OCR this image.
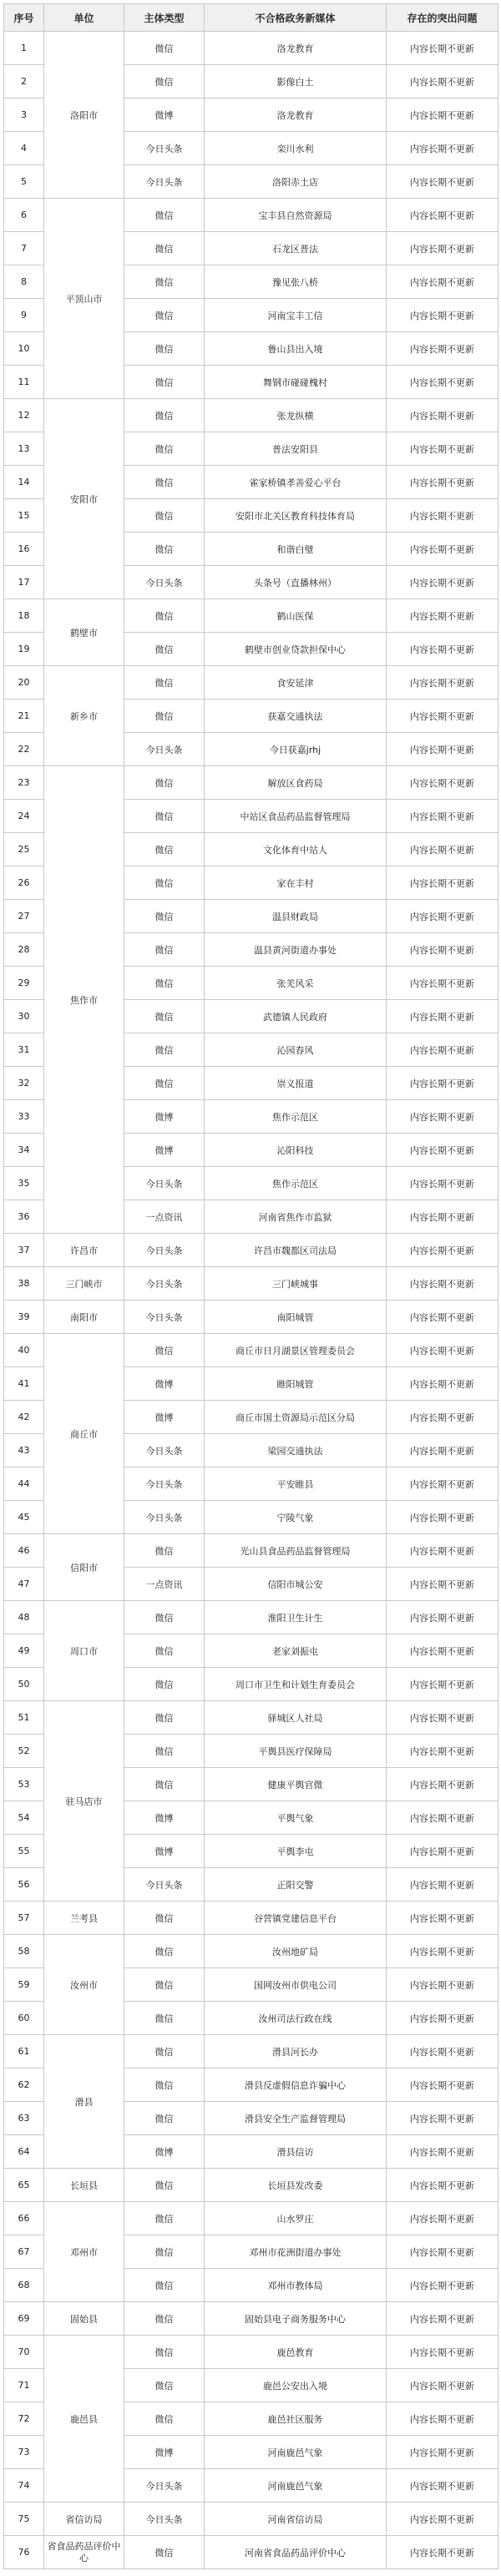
序号	单位	主体类型	不合格政务新媒体	存在的突出问题
1	洛阳市	微信	洛龙教育	内容长期不更新
2		微信	影像白土	内容长期不更新
3		微博	洛龙教育	内容长期不更新
4		今日头条	栾川水利	内容长期不更新
5		今日头条	洛阳赤土店	内容长期不更新
6	平顶山市	微信	宝丰县自然资源局	内容长期不更新
7		微信	石龙区普法	内容长期不更新
8		微信	豫见张八桥	内容长期不更新
9		微信	河南宝丰工信	内容长期不更新
10		微信	鲁山县出入境	内容长期不更新
11		微信	舞钢市碰碰槐村	内容长期不更新
12	安阳市	微信	张龙纵横	内容长期不更新
13		微信	普法安阳县	内容长期不更新
14		微信	雀家桥镇孝善爱心平台	内容长期不更新
15		微信	安阳市北关区教育科技体育局	内容长期不更新
16		微信	和谐白璧	内容长期不更新
17		今日头条	头条号（直播林州）	内容长期不更新
18	鹤壁市	微信	鹤山医保	内容长期不更新
19		微信	鹤壁市创业贷款担保中心	内容长期不更新
20	新乡市	微信	食安延津	内容长期不更新
21		微信	获嘉交通执法	内容长期不更新
22		今日头条	今日获嘉jrhj	内容长期不更新
23	焦作市	微信	解放区食药局	内容长期不更新
24		微信	中站区食品药品监督管理局	内容长期不更新
25		微信	文化体育中站人	内容长期不更新
26		微信	家在丰村	内容长期不更新
27		微信	温县财政局	内容长期不更新
28		微信	温县黄河街道办事处	内容长期不更新
29		微信	张羌风采	内容长期不更新
30		微信	武德镇人民政府	内容长期不更新
31		微信	沁园春风	内容长期不更新
32		微信	崇义报道	内容长期不更新
33		微博	焦作示范区	内容长期不更新
34		微博	沁阳科技	内容长期不更新
35		今日头条	焦作示范区	内容长期不更新
36		一点资讯	河南省焦作市监狱	内容长期不更新
37	许昌市	今日头条	许昌市魏都区司法局	内容长期不更新
38	三门峡市	今日头条	三门峡城事	内容长期不更新
39	南阳市	今日头条	南阳城管	内容长期不更新
40	商丘市	微信	商丘市日月湖景区管理委员会	内容长期不更新
41		微博	睢阳城管	内容长期不更新
42		微博	商丘市国土资源局示范区分局	内容长期不更新
43		今日头条	梁园交通执法	内容长期不更新
44		今日头条	平安睢县	内容长期不更新
45		今日头条	宁陵气象	内容长期不更新
46	信阳市	微信	光山县食品药品监督管理局	内容长期不更新
47		一点资讯	信阳市城公安	内容长期不更新
48	周口市	微信	淮阳卫生计生	内容长期不更新
49		微信	老家刘振屯	内容长期不更新
50		微信	周口市卫生和计划生育委员会	内容长期不更新
51	驻马店市	微信	驿城区人社局	内容长期不更新
52		微信	平舆县医疗保障局	内容长期不更新
53		微信	健康平舆官微	内容长期不更新
54		微博	平舆气象	内容长期不更新
55		微博	平舆李屯	内容长期不更新
56		今日头条	正阳交警	内容长期不更新
57	兰考县	微信	谷营镇党建信息平台	内容长期不更新
58	汝州市	微信	汝州地矿局	内容长期不更新
59		微信	国网汝州市供电公司	内容长期不更新
60		微信	汝州司法行政在线	内容长期不更新
61	滑县	微信	滑县河长办	内容长期不更新
62		微信	滑县反虚假信息诈骗中心	内容长期不更新
63		微信	滑县安全生产监督管理局	内容长期不更新
64		微博	滑县信访	内容长期不更新
65	长垣县	微信	长垣县发改委	内容长期不更新
66	邓州市	微信	山水罗庄	内容长期不更新
67		微信	邓州市花洲街道办事处	内容长期不更新
68		微信	邓州市教体局	内容长期不更新
69	固始县	微信	固始县电子商务服务中心	内容长期不更新
70	鹿邑县	微信	鹿邑教育	内容长期不更新
71		微信	鹿邑公安出入境	内容长期不更新
72		微信	鹿邑社区服务	内容长期不更新
73		微博	河南鹿邑气象	内容长期不更新
74		今日头条	河南鹿邑气象	内容长期不更新
75	省信访局	今日头条	河南省信访局	内容长期不更新
76	省食品药品评价中心	微信	河南省食品药品评价中心	内容长期不更新
